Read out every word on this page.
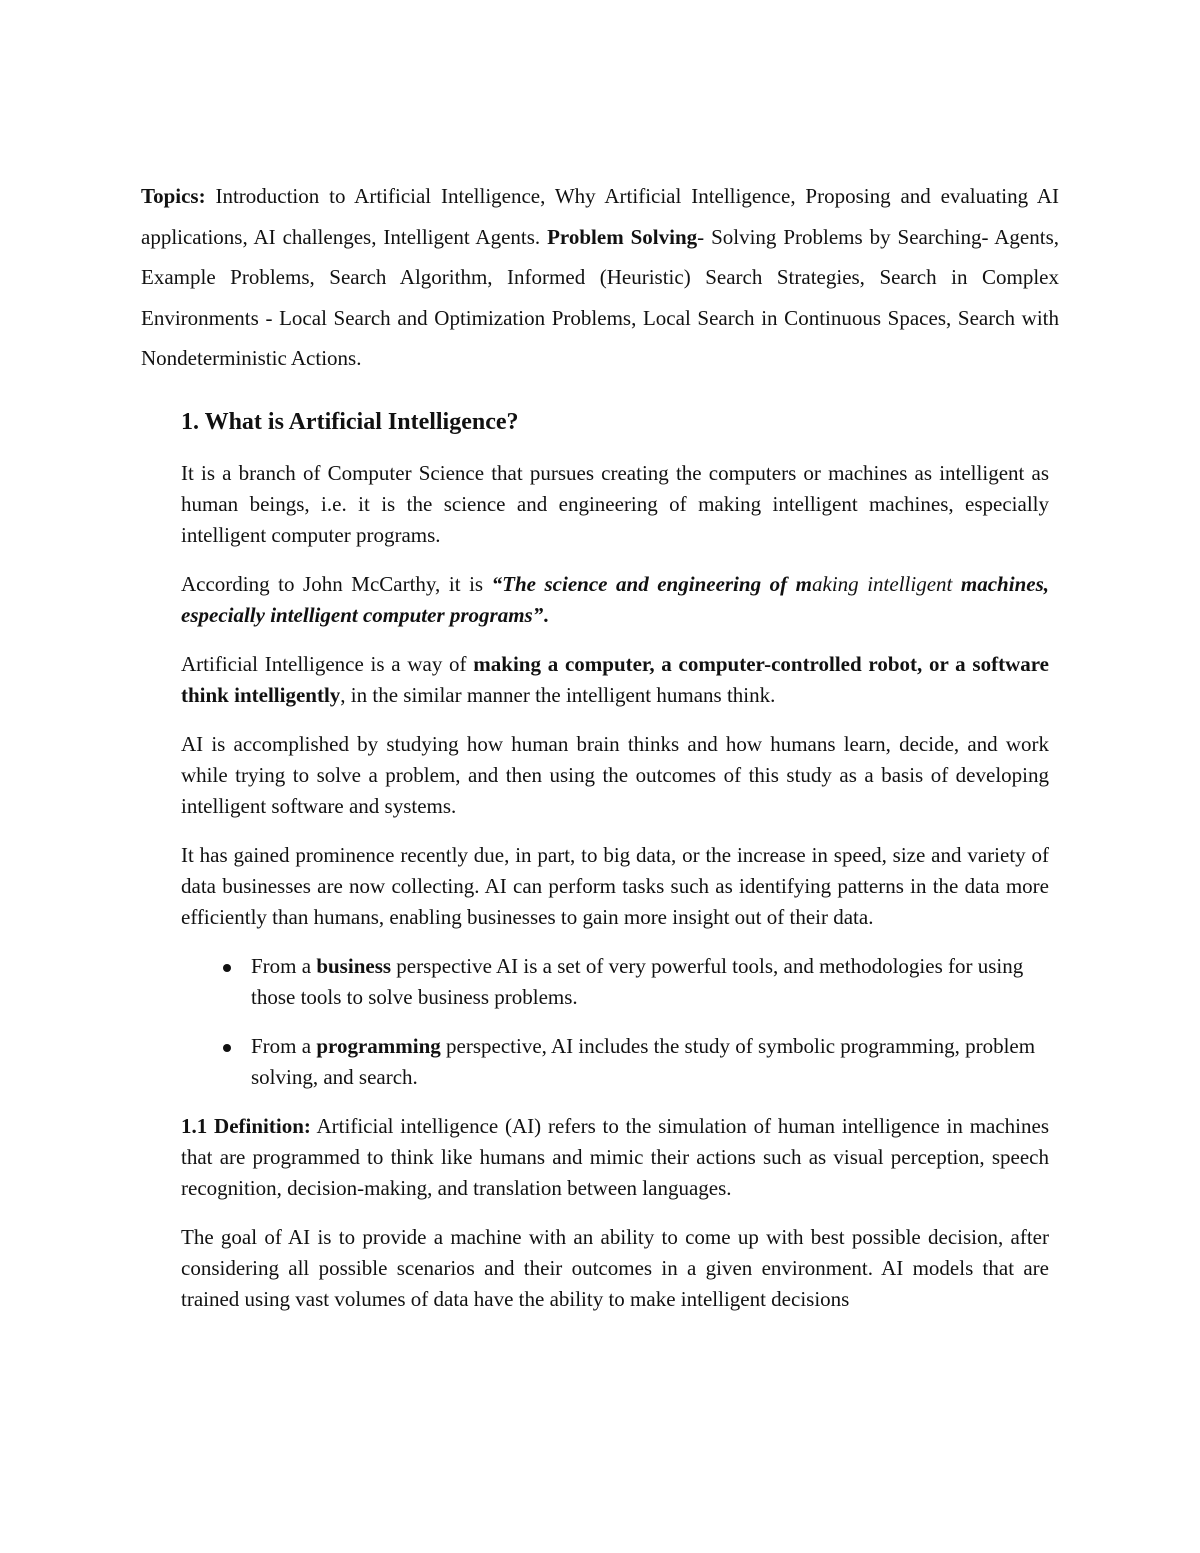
Topics: Introduction to Artificial Intelligence, Why Artificial Intelligence, Proposing and evaluating AI applications, AI challenges, Intelligent Agents. Problem Solving- Solving Problems by Searching- Agents, Example Problems, Search Algorithm, Informed (Heuristic) Search Strategies, Search in Complex Environments - Local Search and Optimization Problems, Local Search in Continuous Spaces, Search with Nondeterministic Actions.

1. What is Artificial Intelligence?

It is a branch of Computer Science that pursues creating the computers or machines as intelligent as human beings, i.e. it is the science and engineering of making intelligent machines, especially intelligent computer programs.

According to John McCarthy, it is “The science and engineering of making intelligent machines, especially intelligent computer programs”.

Artificial Intelligence is a way of making a computer, a computer-controlled robot, or a software think intelligently, in the similar manner the intelligent humans think.

AI is accomplished by studying how human brain thinks and how humans learn, decide, and work while trying to solve a problem, and then using the outcomes of this study as a basis of developing intelligent software and systems.

It has gained prominence recently due, in part, to big data, or the increase in speed, size and variety of data businesses are now collecting. AI can perform tasks such as identifying patterns in the data more efficiently than humans, enabling businesses to gain more insight out of their data.

From a business perspective AI is a set of very powerful tools, and methodologies for using those tools to solve business problems.
From a programming perspective, AI includes the study of symbolic programming, problem solving, and search.

1.1 Definition: Artificial intelligence (AI) refers to the simulation of human intelligence in machines that are programmed to think like humans and mimic their actions such as visual perception, speech recognition, decision-making, and translation between languages.

The goal of AI is to provide a machine with an ability to come up with best possible decision, after considering all possible scenarios and their outcomes in a given environment. AI models that are trained using vast volumes of data have the ability to make intelligent decisions
